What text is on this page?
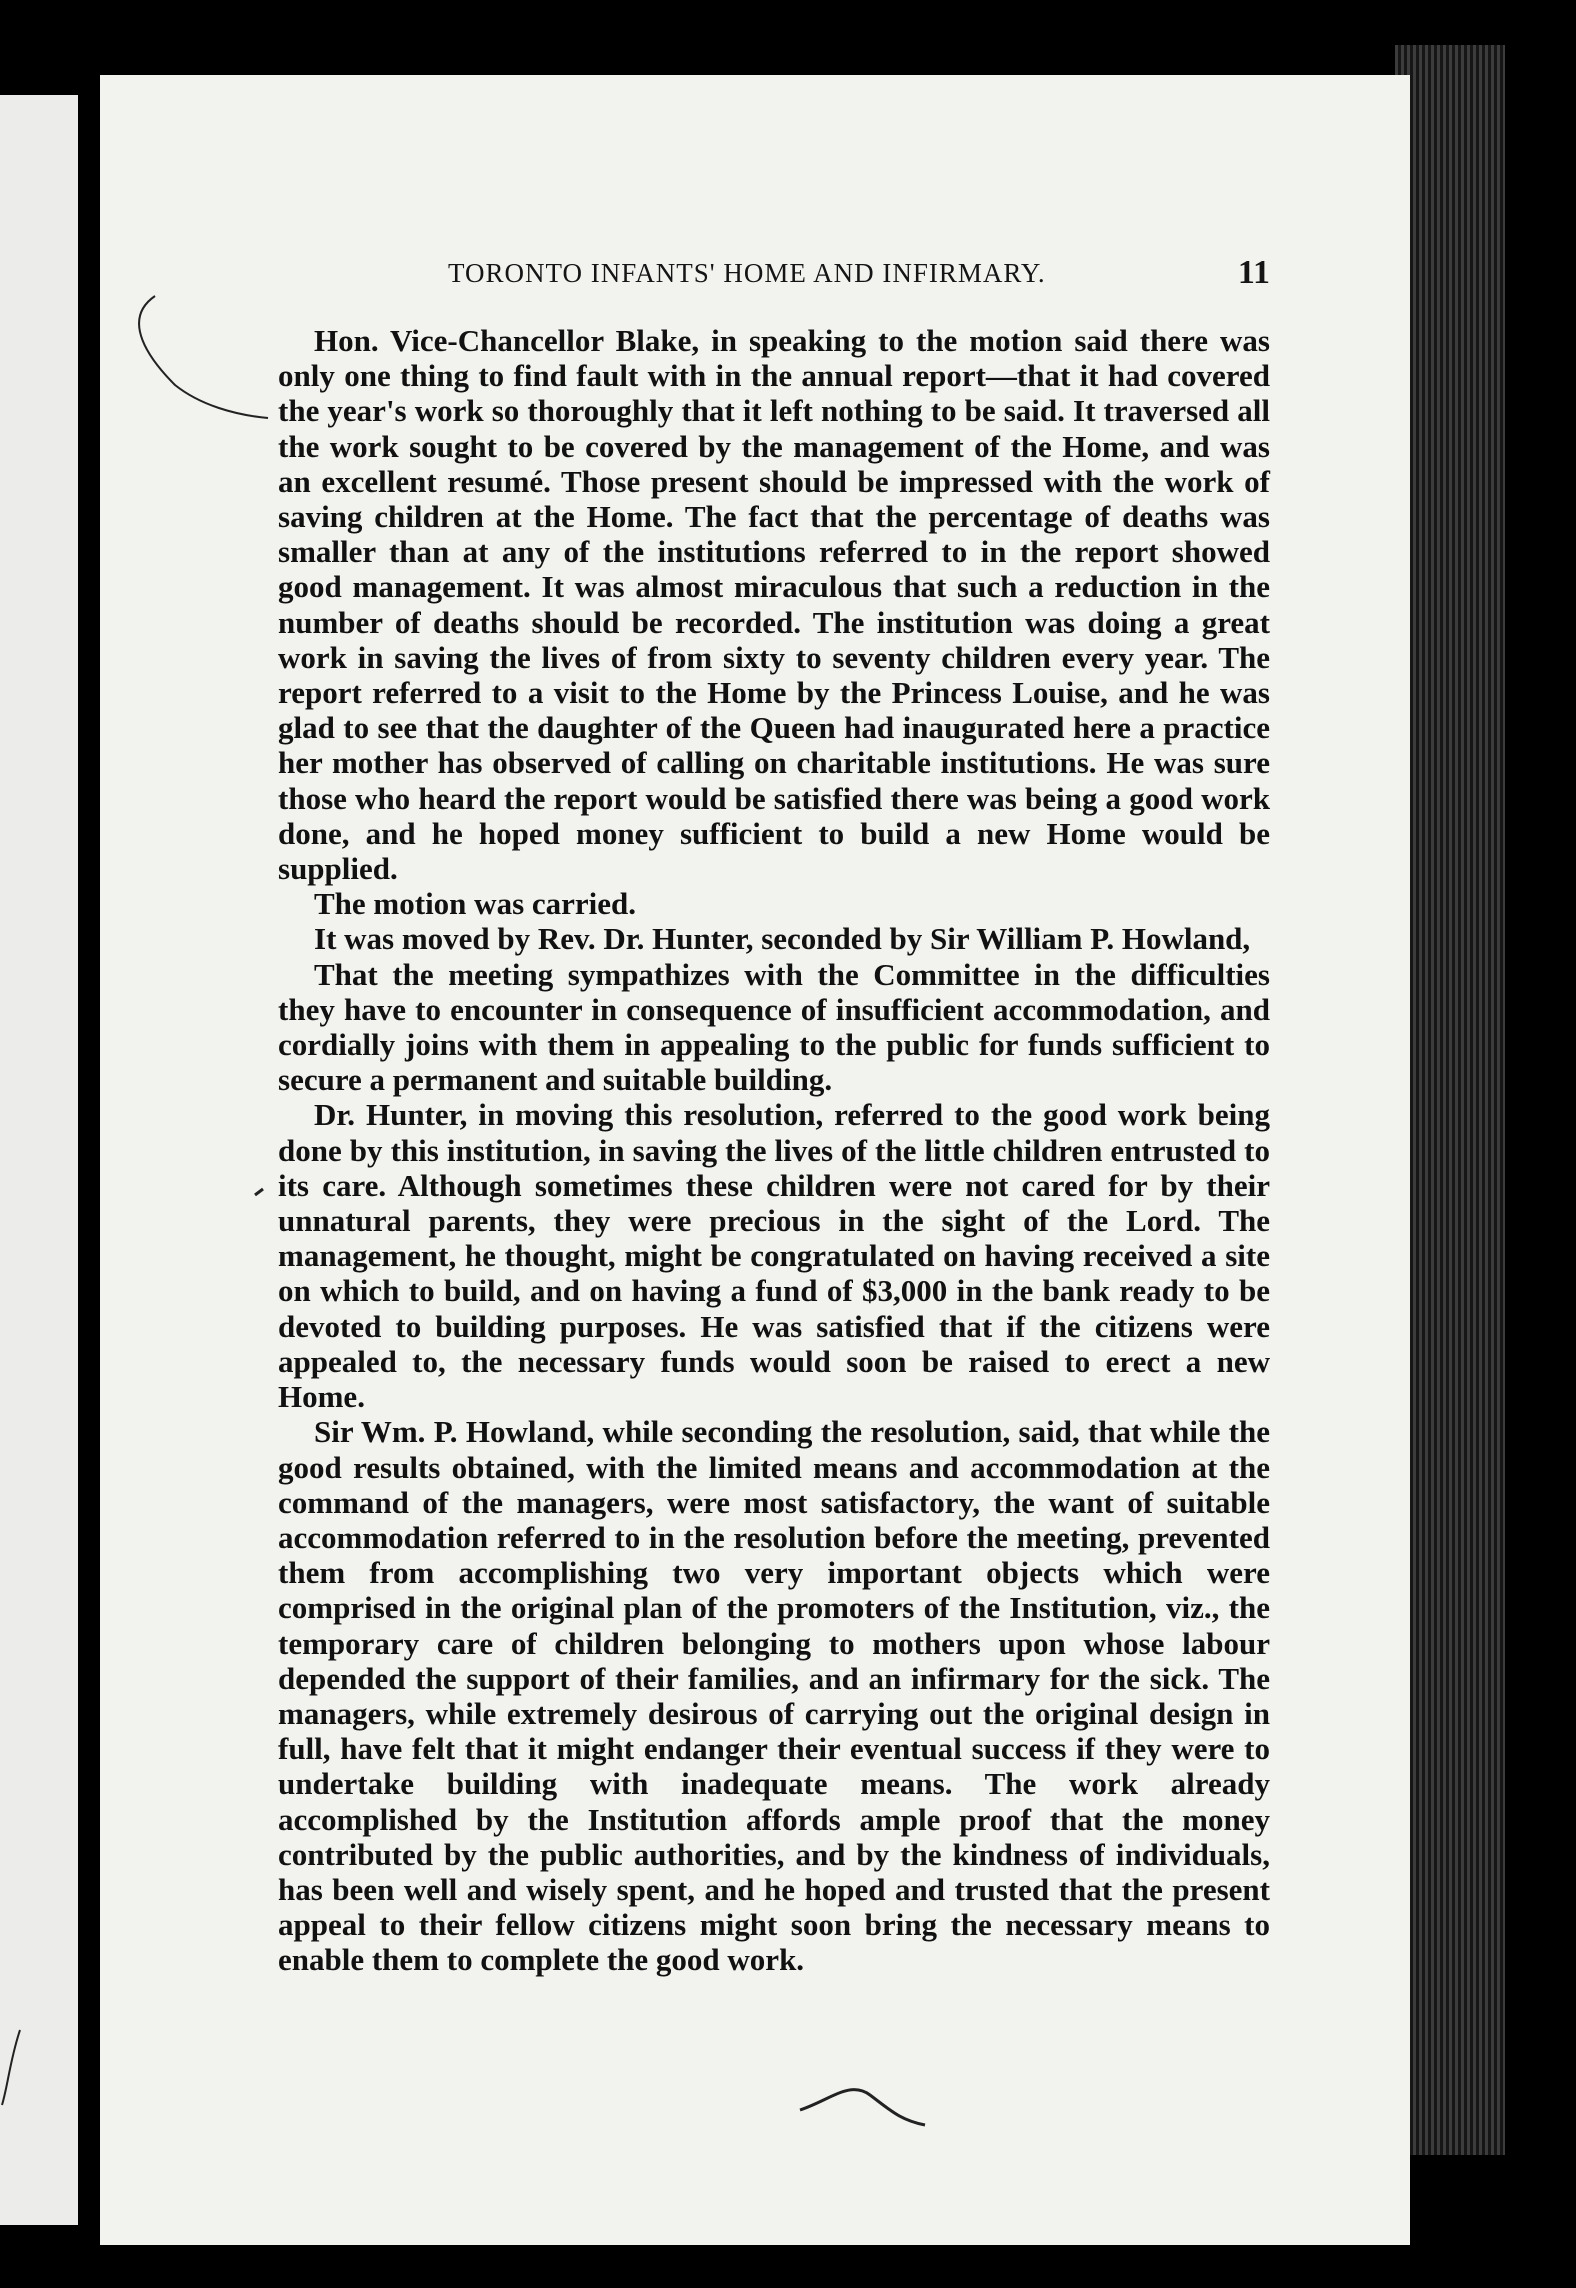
TORONTO INFANTS' HOME AND INFIRMARY.	11

Hon. Vice-Chancellor Blake, in speaking to the motion said there was only one thing to find fault with in the annual report—that it had covered the year's work so thoroughly that it left nothing to be said. It traversed all the work sought to be covered by the management of the Home, and was an excellent resumé. Those present should be impressed with the work of saving children at the Home. The fact that the percentage of deaths was smaller than at any of the institutions referred to in the report showed good management. It was almost miraculous that such a reduction in the number of deaths should be recorded. The institution was doing a great work in saving the lives of from sixty to seventy children every year. The report referred to a visit to the Home by the Princess Louise, and he was glad to see that the daughter of the Queen had inaugurated here a practice her mother has observed of calling on charitable institutions. He was sure those who heard the report would be satisfied there was being a good work done, and he hoped money sufficient to build a new Home would be supplied.

The motion was carried.

It was moved by Rev. Dr. Hunter, seconded by Sir William P. Howland,

That the meeting sympathizes with the Committee in the difficulties they have to encounter in consequence of insufficient accommodation, and cordially joins with them in appealing to the public for funds sufficient to secure a permanent and suitable building.

Dr. Hunter, in moving this resolution, referred to the good work being done by this institution, in saving the lives of the little children entrusted to its care. Although sometimes these children were not cared for by their unnatural parents, they were precious in the sight of the Lord. The management, he thought, might be congratulated on having received a site on which to build, and on having a fund of $3,000 in the bank ready to be devoted to building purposes. He was satisfied that if the citizens were appealed to, the necessary funds would soon be raised to erect a new Home.

Sir Wm. P. Howland, while seconding the resolution, said, that while the good results obtained, with the limited means and accommodation at the command of the managers, were most satisfactory, the want of suitable accommodation referred to in the resolution before the meeting, prevented them from accomplishing two very important objects which were comprised in the original plan of the promoters of the Institution, viz., the temporary care of children belonging to mothers upon whose labour depended the support of their families, and an infirmary for the sick. The managers, while extremely desirous of carrying out the original design in full, have felt that it might endanger their eventual success if they were to undertake building with inadequate means. The work already accomplished by the Institution affords ample proof that the money contributed by the public authorities, and by the kindness of individuals, has been well and wisely spent, and he hoped and trusted that the present appeal to their fellow citizens might soon bring the necessary means to enable them to complete the good work.
